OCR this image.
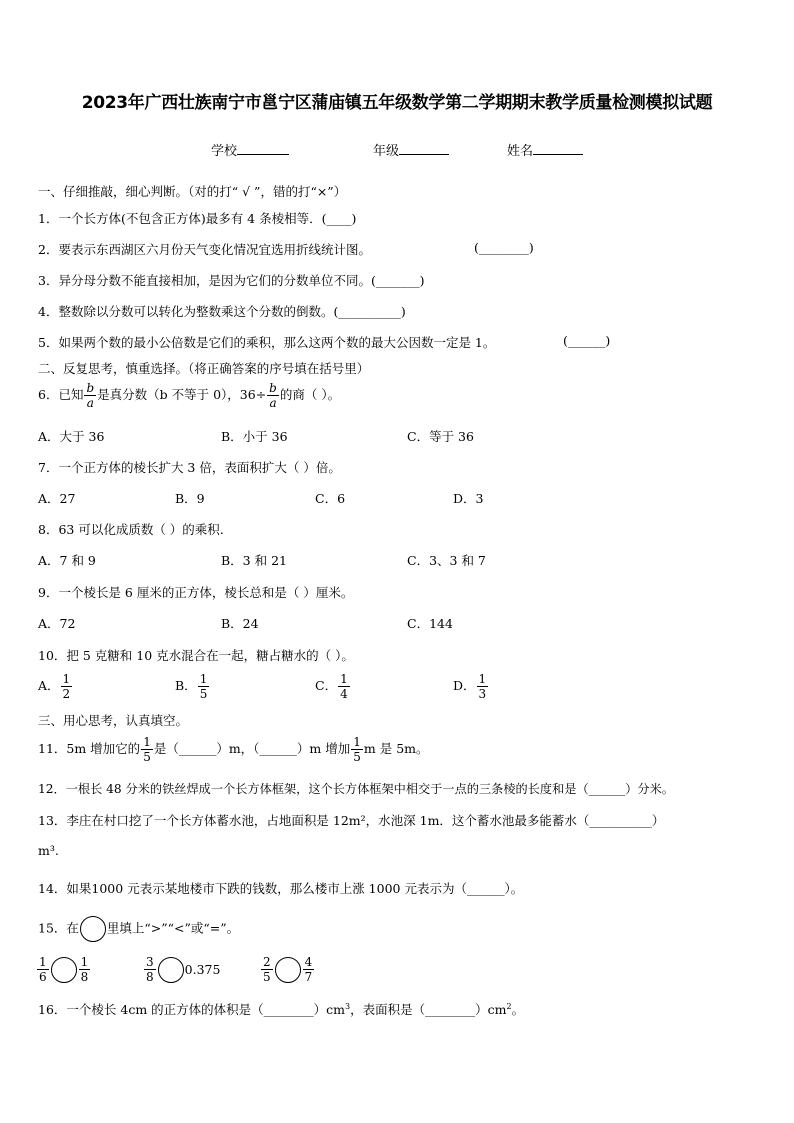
2023年广西壮族南宁市邕宁区蒲庙镇五年级数学第二学期期末教学质量检测模拟试题
学校	年级	姓名
一、仔细推敲，细心判断。（对的打“ √ ”，错的打“×”）
1．一个长方体(不包含正方体)最多有 4 条棱相等．(____)
2．要表示东西湖区六月份天气变化情况宜选用折线统计图。	(________)
3．异分母分数不能直接相加，是因为它们的分数单位不同。(_______)
4．整数除以分数可以转化为整数乘这个分数的倒数。(__________)
5．如果两个数的最小公倍数是它们的乘积，那么这两个数的最大公因数一定是 1。	(______)
二、反复思考，慎重选择。（将正确答案的序号填在括号里）
6．已知 $\frac{b}{a}$ 是真分数（b 不等于 0），$36\div \frac{b}{a}$ 的商（ ）。
A．大于 36	B．小于 36	C．等于 36
7．一个正方体的棱长扩大 3 倍，表面积扩大（ ）倍。
A．27	B．9	C．6	D．3
8．63 可以化成质数（ ）的乘积.
A．7 和 9	B．3 和 21	C．3、3 和 7
9．一个棱长是 6 厘米的正方体，棱长总和是（ ）厘米。
A．72	B．24	C．144
10．把 5 克糖和 10 克水混合在一起，糖占糖水的（ ）。
A． $\frac{1}{2}$	B． $\frac{1}{5}$	C． $\frac{1}{4}$	D． $\frac{1}{3}$
三、用心思考，认真填空。
11．5m 增加它的 $\frac{1}{5}$ 是（______）m，（______）m 增加 $\frac{1}{5}$ m 是 5m。
12．一根长 48 分米的铁丝焊成一个长方体框架，这个长方体框架中相交于一点的三条棱的长度和是（______）分米。
13．李庄在村口挖了一个长方体蓄水池，占地面积是 12m²，水池深 1m．这个蓄水池最多能蓄水（__________）
m³.
14．如果1000 元表示某地楼市下跌的钱数，那么楼市上涨 1000 元表示为（______）。
15．在 里填上“>”“<”或“=”。
$\frac{1}{6}$	$\frac{1}{8}$	$\frac{3}{8} 0.375$	$\frac{2}{5}$	$\frac{4}{7}$
16．一个棱长 4cm 的正方体的体积是$(\_\_\_\_\_\_\_\_)cm^3$，表面积是$(\_\_\_\_\_\_\_\_)cm^2$。
